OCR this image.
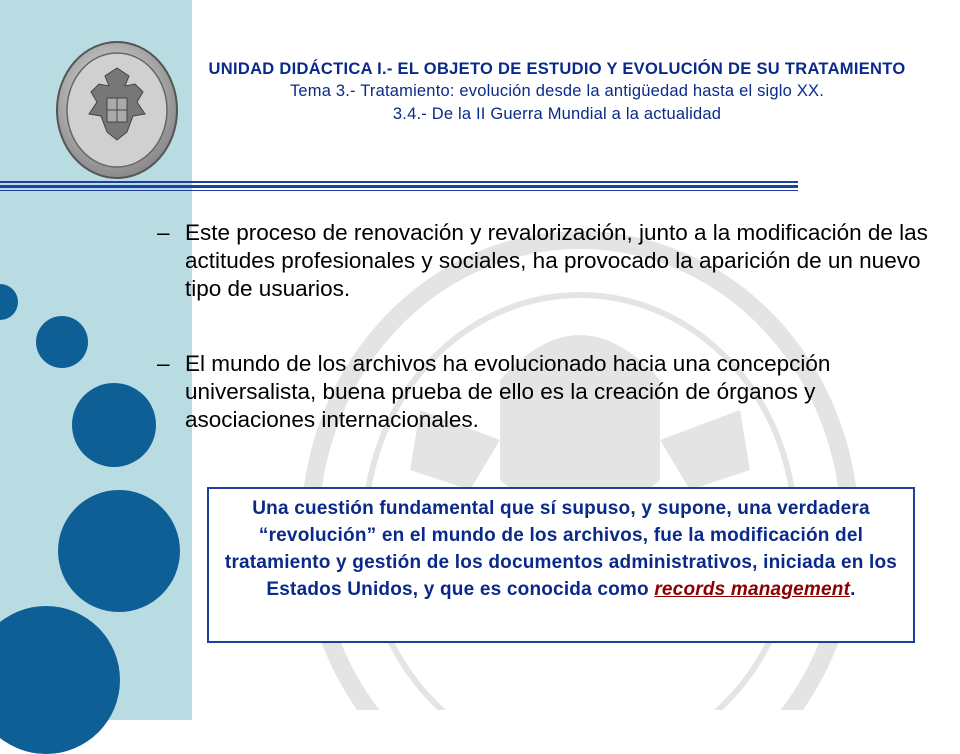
UNIDAD DIDÁCTICA I.- EL OBJETO DE ESTUDIO Y EVOLUCIÓN DE SU TRATAMIENTO
Tema 3.- Tratamiento: evolución desde la antigüedad hasta el siglo XX.
3.4.- De la II Guerra Mundial a la actualidad
– Este proceso de renovación y revalorización, junto a la modificación de las actitudes profesionales y sociales, ha provocado la aparición de un nuevo tipo de usuarios.
– El mundo de los archivos ha evolucionado hacia una concepción universalista, buena prueba de ello es la creación de órganos y asociaciones internacionales.
Una cuestión fundamental que sí supuso, y supone, una verdadera “revolución” en el mundo de los archivos, fue la modificación del tratamiento y gestión de los documentos administrativos, iniciada en los Estados Unidos, y que es conocida como records management.
